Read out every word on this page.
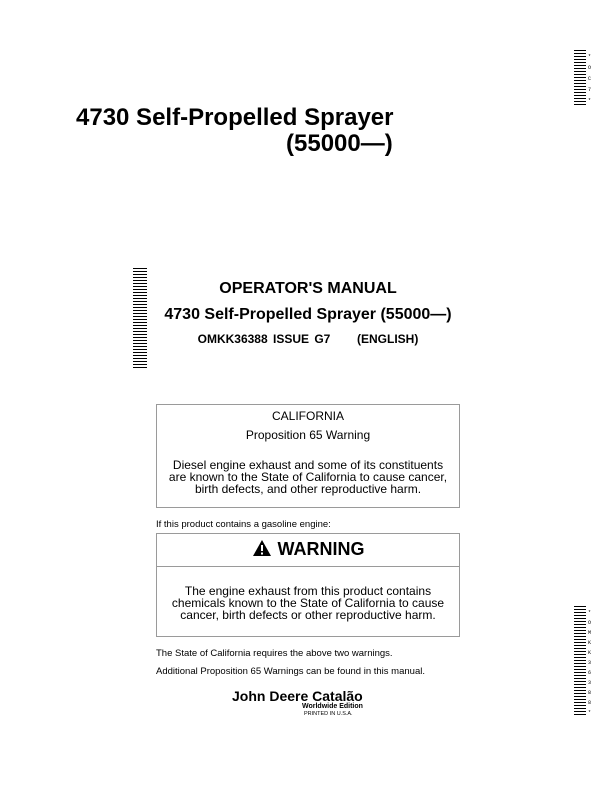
4730 Self-Propelled Sprayer
(55000—)
OPERATOR'S MANUAL
4730 Self-Propelled Sprayer (55000—)
OMKK36388 ISSUE G7 (ENGLISH)
CALIFORNIA
Proposition 65 Warning
Diesel engine exhaust and some of its constituents
are known to the State of California to cause cancer,
birth defects, and other reproductive harm.
If this product contains a gasoline engine:
WARNING
The engine exhaust from this product contains
chemicals known to the State of California to cause
cancer, birth defects or other reproductive harm.
The State of California requires the above two warnings.
Additional Proposition 65 Warnings can be found in this manual.
John Deere Catalão
Worldwide Edition
PRINTED IN U.S.A.
* O C 7 *
* O M K K 3 6 3 8 8 *
